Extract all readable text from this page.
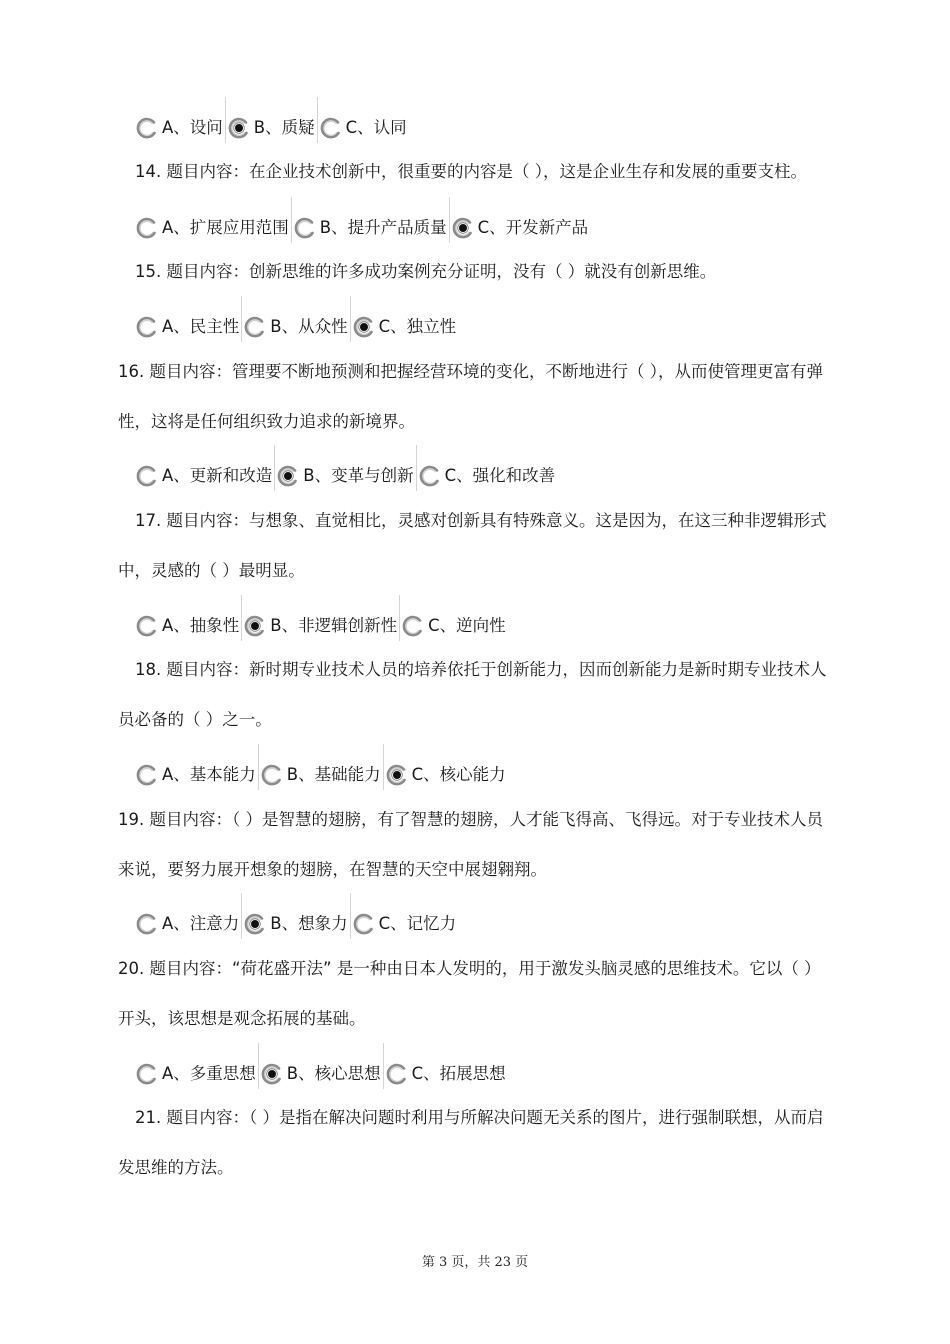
A、 设问 B、 质疑 C、 认同
14. 题目内容：在企业技术创新中，很重要的内容是（ ），这是企业生存和发展的重要支柱。
A、 扩展应用范围 B、 提升产品质量 C、 开发新产品
15. 题目内容：创新思维的许多成功案例充分证明，没有（ ）就没有创新思维。
A、 民主性 B、 从众性 C、 独立性
16. 题目内容：管理要不断地预测和把握经营环境的变化，不断地进行（ ），从而使管理更富有弹
性，这将是任何组织致力追求的新境界。
A、 更新和改造 B、 变革与创新 C、 强化和改善
17. 题目内容：与想象、直觉相比，灵感对创新具有特殊意义。这是因为，在这三种非逻辑形式
中，灵感的（ ）最明显。
A、 抽象性 B、 非逻辑创新性 C、 逆向性
18. 题目内容：新时期专业技术人员的培养依托于创新能力，因而创新能力是新时期专业技术人
员必备的（ ）之一。
A、 基本能力 B、 基础能力 C、 核心能力
19. 题目内容：（ ）是智慧的翅膀，有了智慧的翅膀，人才能飞得高、飞得远。对于专业技术人员
来说，要努力展开想象的翅膀，在智慧的天空中展翅翱翔。
A、 注意力 B、 想象力 C、 记忆力
20. 题目内容：“荷花盛开法” 是一种由日本人发明的，用于激发头脑灵感的思维技术。它以（ ）
开头，该思想是观念拓展的基础。
A、 多重思想 B、 核心思想 C、 拓展思想
21. 题目内容：（ ）是指在解决问题时利用与所解决问题无关系的图片，进行强制联想，从而启
发思维的方法。
第 3 页，共 23 页
